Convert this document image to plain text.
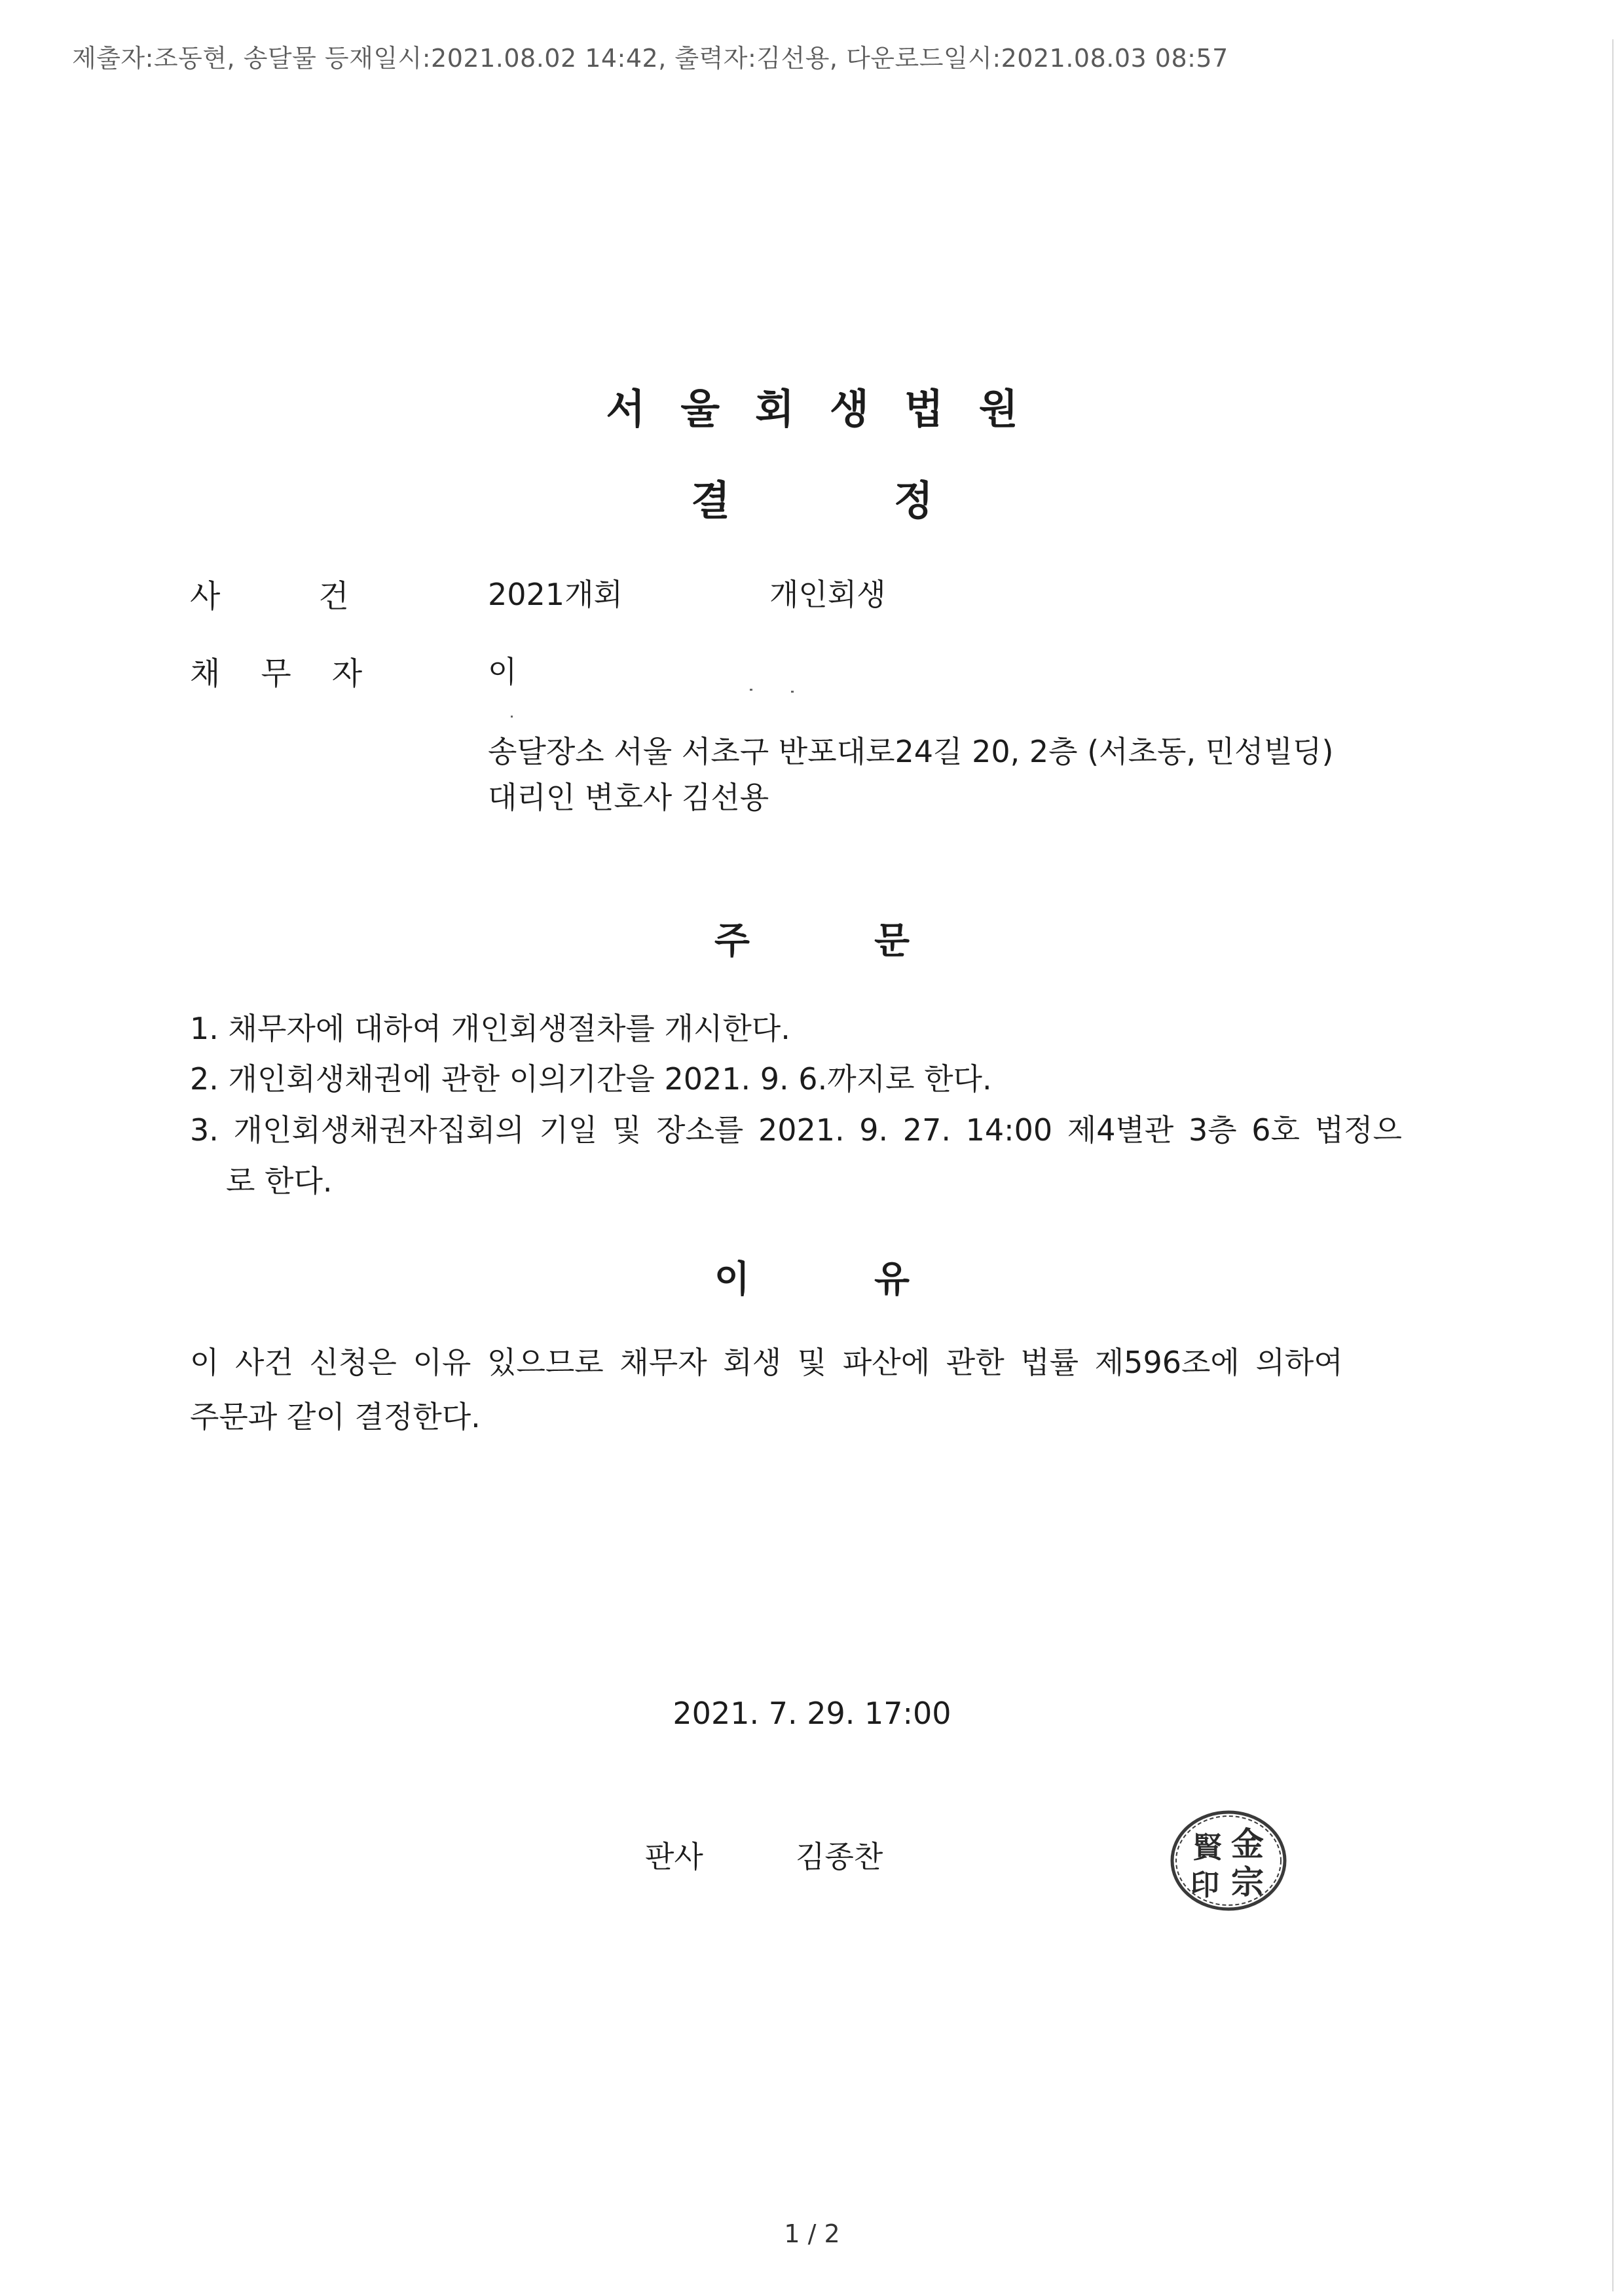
제출자:조동현, 송달물 등재일시:2021.08.02 14:42, 출력자:김선용, 다운로드일시:2021.08.03 08:57
서울회생법원
결정
사건 2021개회	개인회생
채무자	이
송달장소 서울 서초구 반포대로24길 20, 2층 (서초동, 민성빌딩)
대리인 변호사 김선용
주문
1. 채무자에 대하여 개인회생절차를 개시한다.
2. 개인회생채권에 관한 이의기간을 2021. 9. 6.까지로 한다.
3. 개인회생채권자집회의 기일 및 장소를 2021. 9. 27. 14:00 제4별관 3층 6호 법정으
로 한다.
이유
이 사건 신청은 이유 있으므로 채무자 회생 및 파산에 관한 법률 제596조에 의하여
주문과 같이 결정한다.
2021. 7. 29. 17:00
판사	김종찬	賢 金
印 宗
1 / 2
